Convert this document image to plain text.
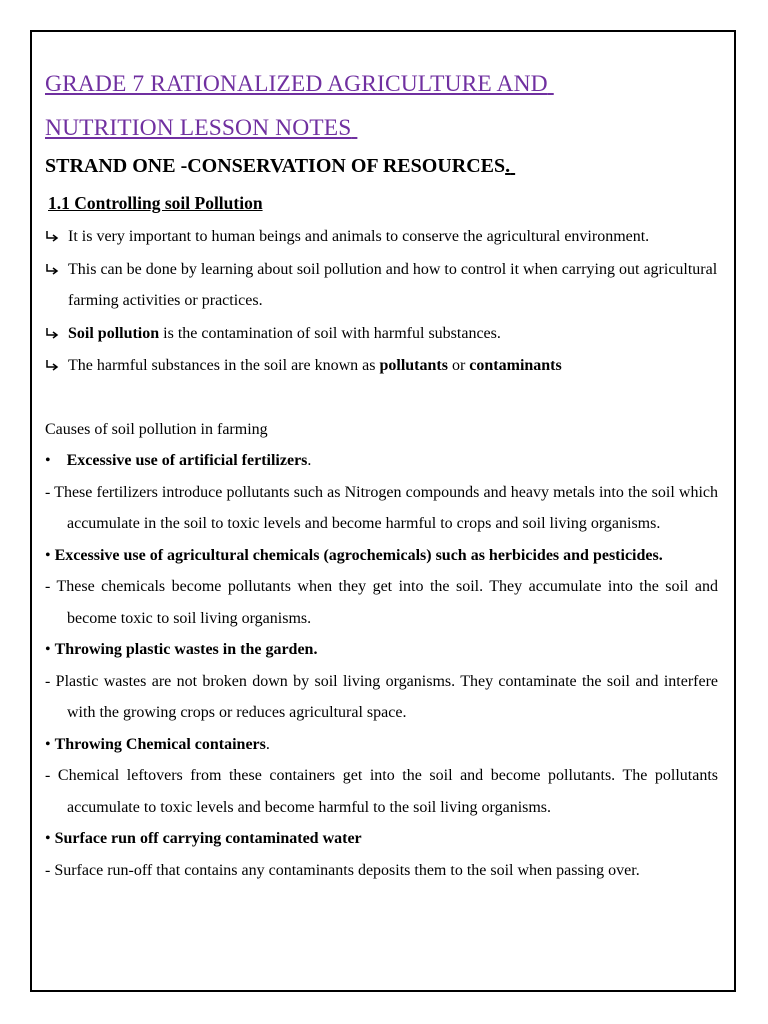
GRADE 7 RATIONALIZED AGRICULTURE AND
NUTRITION LESSON NOTES
STRAND ONE -CONSERVATION OF RESOURCES.
1.1 Controlling soil Pollution
It is very important to human beings and animals to conserve the agricultural environment.
This can be done by learning about soil pollution and how to control it when carrying out agricultural farming activities or practices.
Soil pollution is the contamination of soil with harmful substances.
The harmful substances in the soil are known as pollutants or contaminants

Causes of soil pollution in farming

• Excessive use of artificial fertilizers.

- These fertilizers introduce pollutants such as Nitrogen compounds and heavy metals into the soil which accumulate in the soil to toxic levels and become harmful to crops and soil living organisms.

• Excessive use of agricultural chemicals (agrochemicals) such as herbicides and pesticides.

- These chemicals become pollutants when they get into the soil. They accumulate into the soil and become toxic to soil living organisms.

• Throwing plastic wastes in the garden.

- Plastic wastes are not broken down by soil living organisms. They contaminate the soil and interfere with the growing crops or reduces agricultural space.

• Throwing Chemical containers.

- Chemical leftovers from these containers get into the soil and become pollutants. The pollutants accumulate to toxic levels and become harmful to the soil living organisms.

• Surface run off carrying contaminated water

- Surface run-off that contains any contaminants deposits them to the soil when passing over.
